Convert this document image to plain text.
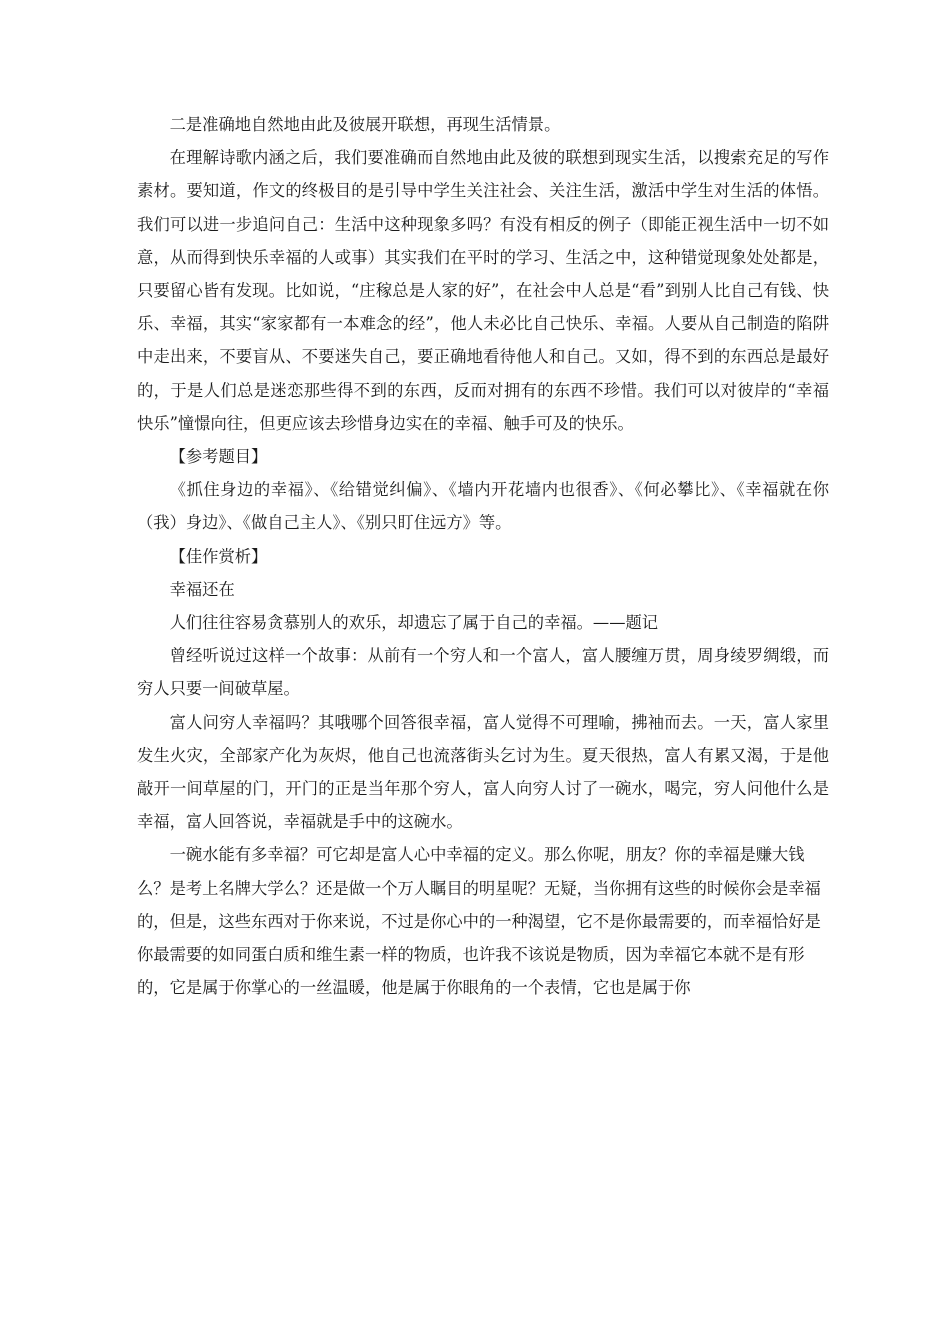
二是准确地自然地由此及彼展开联想，再现生活情景。

在理解诗歌内涵之后，我们要准确而自然地由此及彼的联想到现实生活，以搜索充足的写作素材。要知道，作文的终极目的是引导中学生关注社会、关注生活，激活中学生对生活的体悟。我们可以进一步追问自己：生活中这种现象多吗？有没有相反的例子（即能正视生活中一切不如意，从而得到快乐幸福的人或事）其实我们在平时的学习、生活之中，这种错觉现象处处都是，只要留心皆有发现。比如说，“庄稼总是人家的好”，在社会中人总是“看”到别人比自己有钱、快乐、幸福，其实“家家都有一本难念的经”，他人未必比自己快乐、幸福。人要从自己制造的陷阱中走出来，不要盲从、不要迷失自己，要正确地看待他人和自己。又如，得不到的东西总是最好的，于是人们总是迷恋那些得不到的东西，反而对拥有的东西不珍惜。我们可以对彼岸的“幸福快乐”憧憬向往，但更应该去珍惜身边实在的幸福、触手可及的快乐。

【参考题目】

《抓住身边的幸福》、《给错觉纠偏》、《墙内开花墙内也很香》、《何必攀比》、《幸福就在你（我）身边》、《做自己主人》、《别只盯住远方》等。

【佳作赏析】

幸福还在

人们往往容易贪慕别人的欢乐，却遗忘了属于自己的幸福。——题记

曾经听说过这样一个故事：从前有一个穷人和一个富人，富人腰缠万贯，周身绫罗绸缎，而穷人只要一间破草屋。

富人问穷人幸福吗？其哦哪个回答很幸福，富人觉得不可理喻，拂袖而去。一天，富人家里发生火灾，全部家产化为灰烬，他自己也流落街头乞讨为生。夏天很热，富人有累又渴，于是他敲开一间草屋的门，开门的正是当年那个穷人，富人向穷人讨了一碗水，喝完，穷人问他什么是幸福，富人回答说，幸福就是手中的这碗水。

一碗水能有多幸福？可它却是富人心中幸福的定义。那么你呢，朋友？你的幸福是赚大钱么？是考上名牌大学么？还是做一个万人瞩目的明星呢？无疑，当你拥有这些的时候你会是幸福的，但是，这些东西对于你来说，不过是你心中的一种渴望，它不是你最需要的，而幸福恰好是你最需要的如同蛋白质和维生素一样的物质，也许我不该说是物质，因为幸福它本就不是有形的，它是属于你掌心的一丝温暖，他是属于你眼角的一个表情，它也是属于你
